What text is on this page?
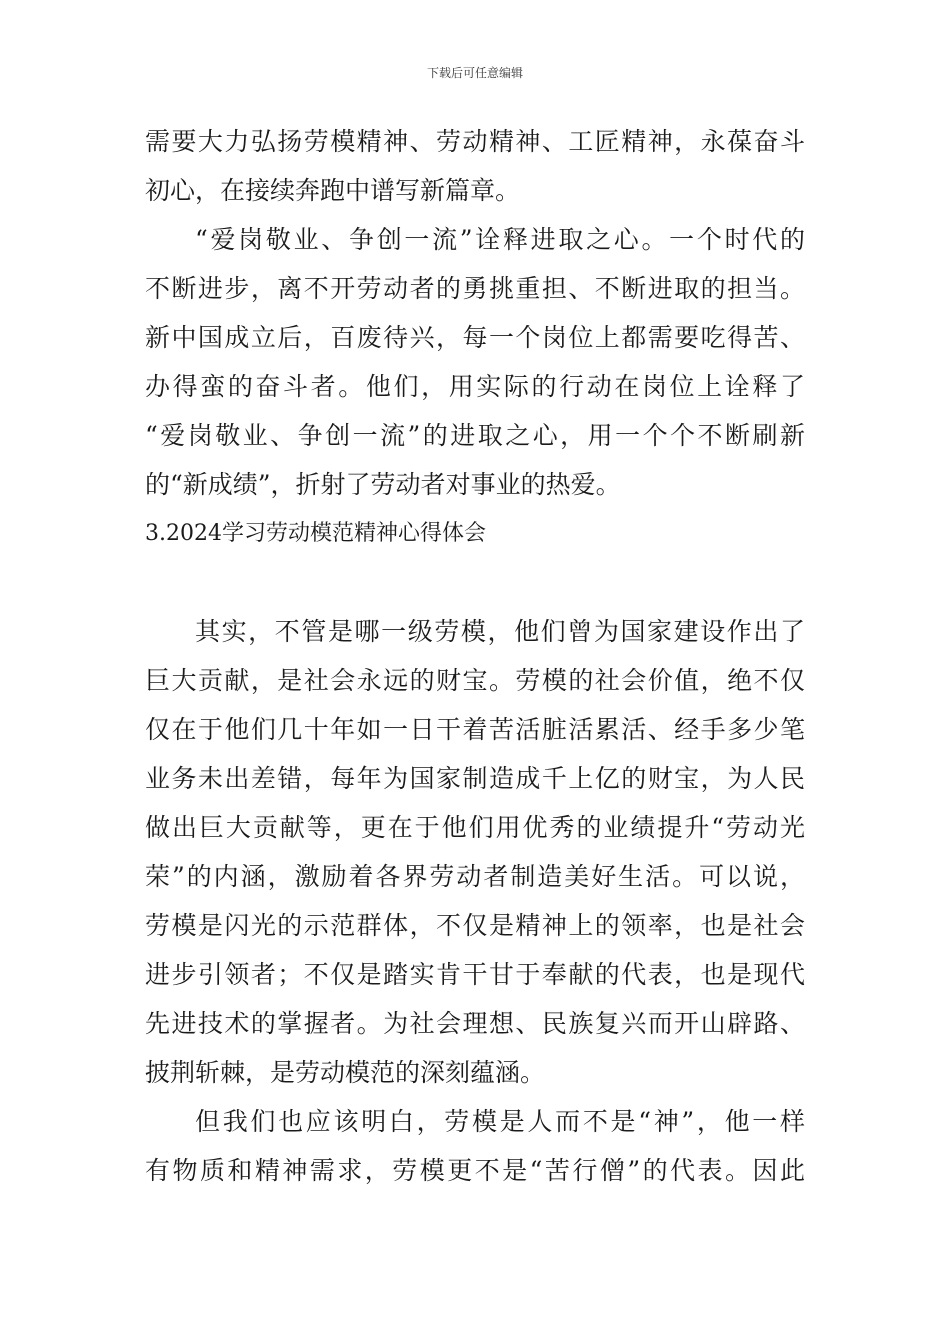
下载后可任意编辑
需要大力弘扬劳模精神、劳动精神、工匠精神，永葆奋斗
初心，在接续奔跑中谱写新篇章。
“爱岗敬业、争创一流”诠释进取之心。一个时代的
不断进步，离不开劳动者的勇挑重担、不断进取的担当。
新中国成立后，百废待兴，每一个岗位上都需要吃得苦、
办得蛮的奋斗者。他们，用实际的行动在岗位上诠释了
“爱岗敬业、争创一流”的进取之心，用一个个不断刷新
的“新成绩”，折射了劳动者对事业的热爱。
3.2024学习劳动模范精神心得体会
其实，不管是哪一级劳模，他们曾为国家建设作出了
巨大贡献，是社会永远的财宝。劳模的社会价值，绝不仅
仅在于他们几十年如一日干着苦活脏活累活、经手多少笔
业务未出差错，每年为国家制造成千上亿的财宝，为人民
做出巨大贡献等，更在于他们用优秀的业绩提升“劳动光
荣”的内涵，激励着各界劳动者制造美好生活。可以说，
劳模是闪光的示范群体，不仅是精神上的领率，也是社会
进步引领者；不仅是踏实肯干甘于奉献的代表，也是现代
先进技术的掌握者。为社会理想、民族复兴而开山辟路、
披荆斩棘，是劳动模范的深刻蕴涵。
但我们也应该明白，劳模是人而不是“神”，他一样
有物质和精神需求，劳模更不是“苦行僧”的代表。因此
